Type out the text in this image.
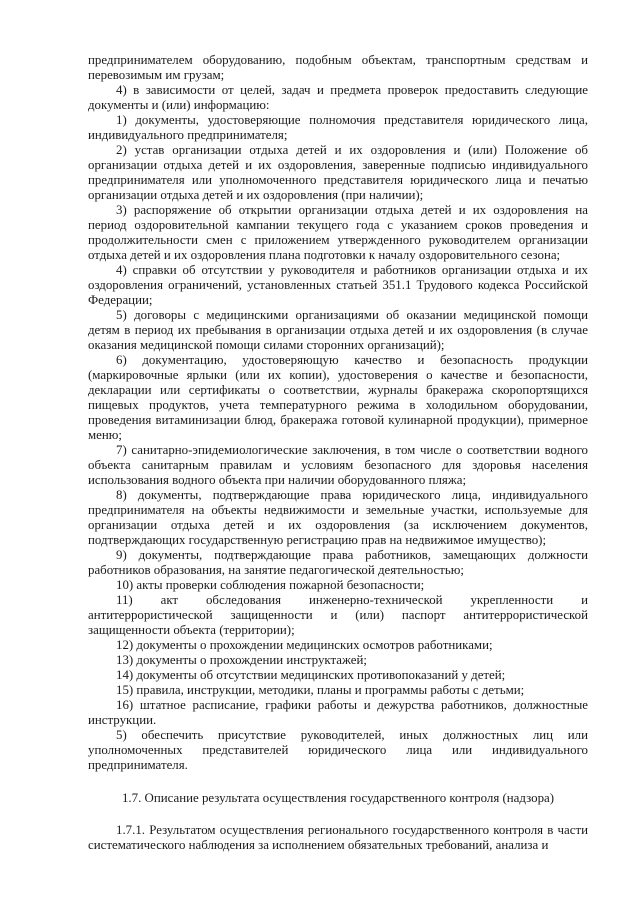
предпринимателем оборудованию, подобным объектам, транспортным средствам и перевозимым им грузам;

4) в зависимости от целей, задач и предмета проверок предоставить следующие документы и (или) информацию:

1) документы, удостоверяющие полномочия представителя юридического лица, индивидуального предпринимателя;

2) устав организации отдыха детей и их оздоровления и (или) Положение об организации отдыха детей и их оздоровления, заверенные подписью индивидуального предпринимателя или уполномоченного представителя юридического лица и печатью организации отдыха детей и их оздоровления (при наличии);

3) распоряжение об открытии организации отдыха детей и их оздоровления на период оздоровительной кампании текущего года с указанием сроков проведения и продолжительности смен с приложением утвержденного руководителем организации отдыха детей и их оздоровления плана подготовки к началу оздоровительного сезона;

4) справки об отсутствии у руководителя и работников организации отдыха и их оздоровления ограничений, установленных статьей 351.1 Трудового кодекса Российской Федерации;

5) договоры с медицинскими организациями об оказании медицинской помощи детям в период их пребывания в организации отдыха детей и их оздоровления (в случае оказания медицинской помощи силами сторонних организаций);

6) документацию, удостоверяющую качество и безопасность продукции (маркировочные ярлыки (или их копии), удостоверения о качестве и безопасности, декларации или сертификаты о соответствии, журналы бракеража скоропортящихся пищевых продуктов, учета температурного режима в холодильном оборудовании, проведения витаминизации блюд, бракеража готовой кулинарной продукции), примерное меню;

7) санитарно-эпидемиологические заключения, в том числе о соответствии водного объекта санитарным правилам и условиям безопасного для здоровья населения использования водного объекта при наличии оборудованного пляжа;

8) документы, подтверждающие права юридического лица, индивидуального предпринимателя на объекты недвижимости и земельные участки, используемые для организации отдыха детей и их оздоровления (за исключением документов, подтверждающих государственную регистрацию прав на недвижимое имущество);

9) документы, подтверждающие права работников, замещающих должности работников образования, на занятие педагогической деятельностью;

10) акты проверки соблюдения пожарной безопасности;

11) акт обследования инженерно-технической укрепленности и антитеррористической защищенности и (или) паспорт антитеррористической защищенности объекта (территории);

12) документы о прохождении медицинских осмотров работниками;

13) документы о прохождении инструктажей;

14) документы об отсутствии медицинских противопоказаний у детей;

15) правила, инструкции, методики, планы и программы работы с детьми;

16) штатное расписание, графики работы и дежурства работников, должностные инструкции.

5) обеспечить присутствие руководителей, иных должностных лиц или уполномоченных представителей юридического лица или индивидуального предпринимателя.

1.7. Описание результата осуществления государственного контроля (надзора)

1.7.1. Результатом осуществления регионального государственного контроля в части систематического наблюдения за исполнением обязательных требований, анализа и
